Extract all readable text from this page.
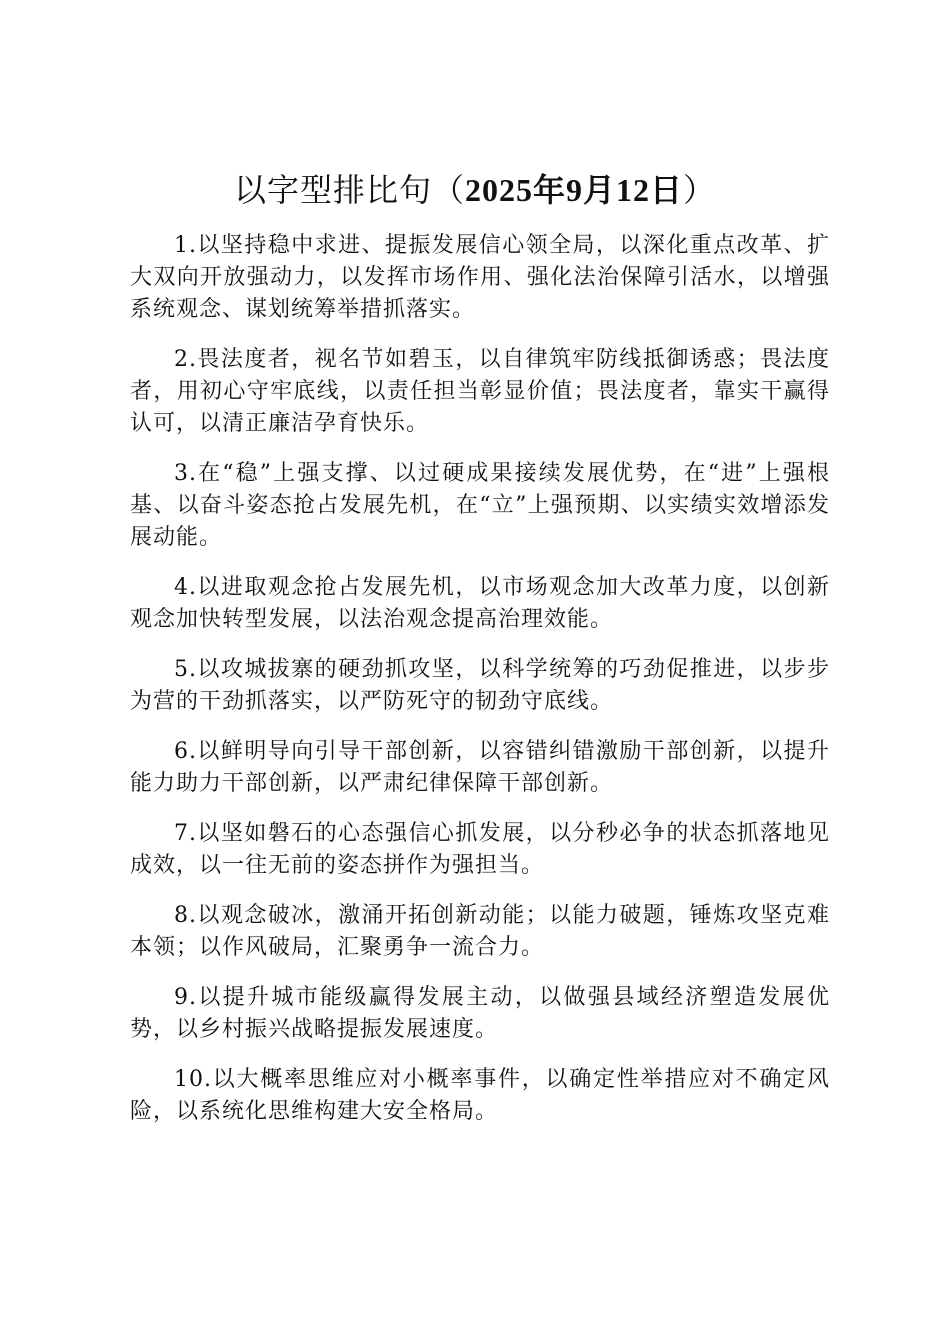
以字型排比句（2025年9月12日）

1.以坚持稳中求进、提振发展信心领全局，以深化重点改革、扩大双向开放强动力，以发挥市场作用、强化法治保障引活水，以增强系统观念、谋划统筹举措抓落实。

2.畏法度者，视名节如碧玉，以自律筑牢防线抵御诱惑；畏法度者，用初心守牢底线，以责任担当彰显价值；畏法度者，靠实干赢得认可，以清正廉洁孕育快乐。

3.在“稳”上强支撑、以过硬成果接续发展优势，在“进”上强根基、以奋斗姿态抢占发展先机，在“立”上强预期、以实绩实效增添发展动能。

4.以进取观念抢占发展先机，以市场观念加大改革力度，以创新观念加快转型发展，以法治观念提高治理效能。

5.以攻城拔寨的硬劲抓攻坚，以科学统筹的巧劲促推进，以步步为营的干劲抓落实，以严防死守的韧劲守底线。

6.以鲜明导向引导干部创新，以容错纠错激励干部创新，以提升能力助力干部创新，以严肃纪律保障干部创新。

7.以坚如磐石的心态强信心抓发展，以分秒必争的状态抓落地见成效，以一往无前的姿态拼作为强担当。

8.以观念破冰，激涌开拓创新动能；以能力破题，锤炼攻坚克难本领；以作风破局，汇聚勇争一流合力。

9.以提升城市能级赢得发展主动，以做强县域经济塑造发展优势，以乡村振兴战略提振发展速度。

10.以大概率思维应对小概率事件，以确定性举措应对不确定风险，以系统化思维构建大安全格局。
